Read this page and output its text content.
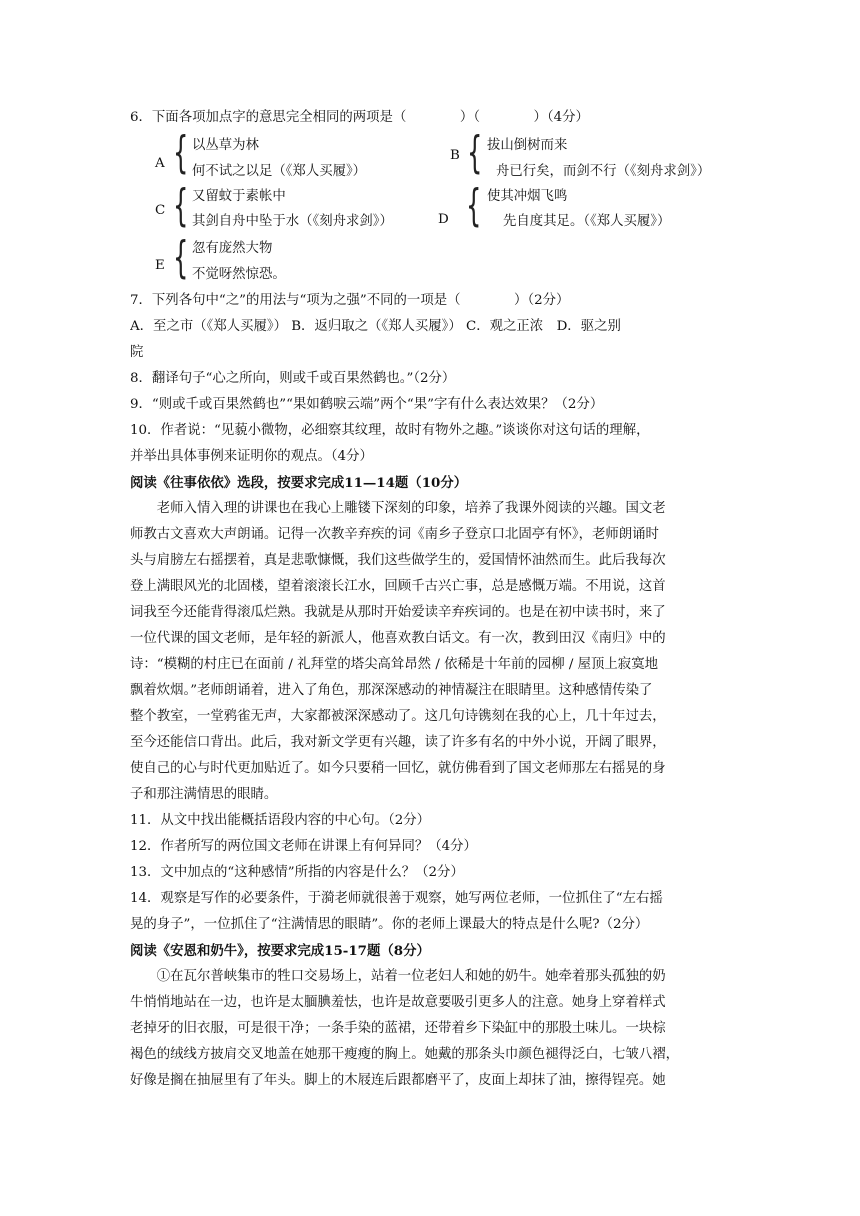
6．下面各项加点字的意思完全相同的两项是（　　　　）（　　　　）（4分）
A { 以丛草为林
何不试之以足（《郑人买履》）
B { 拔山倒树而来
舟已行矣，而剑不行（《刻舟求剑》）
C { 又留蚊于素帐中
其剑自舟中坠于水（《刻舟求剑》）	D { 使其冲烟飞鸣
先自度其足。（《郑人买履》）
E { 忽有庞然大物
不觉呀然惊恐。
7．下列各句中“之”的用法与“项为之强”不同的一项是（　　　　）（2分）
A．至之市（《郑人买履》） B．返归取之（《郑人买履》） C．观之正浓　D．驱之别
院
8．翻译句子“心之所向，则或千或百果然鹤也。”（2分）
9．“则或千或百果然鹤也”“果如鹤唳云端”两个“果”字有什么表达效果？（2分）
10．作者说：“见藐小微物，必细察其纹理，故时有物外之趣。”谈谈你对这句话的理解，
并举出具体事例来证明你的观点。（4分）
阅读《往事依依》选段，按要求完成11—14题（10分）
　　老师入情入理的讲课也在我心上雕镂下深刻的印象，培养了我课外阅读的兴趣。国文老
师教古文喜欢大声朗诵。记得一次教辛弃疾的词《南乡子登京口北固亭有怀》，老师朗诵时
头与肩膀左右摇摆着，真是悲歌慷慨，我们这些做学生的，爱国情怀油然而生。此后我每次
登上满眼风光的北固楼，望着滚滚长江水，回顾千古兴亡事，总是感慨万端。不用说，这首
词我至今还能背得滚瓜烂熟。我就是从那时开始爱读辛弃疾词的。也是在初中读书时，来了
一位代课的国文老师，是年轻的新派人，他喜欢教白话文。有一次，教到田汉《南归》中的
诗：“模糊的村庄已在面前 / 礼拜堂的塔尖高耸昂然 / 依稀是十年前的园柳 / 屋顶上寂寞地
飘着炊烟。”老师朗诵着，进入了角色，那深深感动的神情凝注在眼睛里。这种感情传染了
整个教室，一堂鸦雀无声，大家都被深深感动了。这几句诗镌刻在我的心上，几十年过去，
至今还能信口背出。此后，我对新文学更有兴趣，读了许多有名的中外小说，开阔了眼界，
使自己的心与时代更加贴近了。如今只要稍一回忆，就仿佛看到了国文老师那左右摇晃的身
子和那注满情思的眼睛。
11．从文中找出能概括语段内容的中心句。（2分）
12．作者所写的两位国文老师在讲课上有何异同？（4分）
13．文中加点的“这种感情”所指的内容是什么？（2分）
14．观察是写作的必要条件，于漪老师就很善于观察，她写两位老师，一位抓住了“左右摇
晃的身子”，一位抓住了“注满情思的眼睛”。你的老师上课最大的特点是什么呢?（2分）
阅读《安恩和奶牛》，按要求完成15-17题（8分）
　　①在瓦尔普峡集市的牲口交易场上，站着一位老妇人和她的奶牛。她牵着那头孤独的奶
牛悄悄地站在一边，也许是太腼腆羞怯，也许是故意要吸引更多人的注意。她身上穿着样式
老掉牙的旧衣服，可是很干净；一条手染的蓝裙，还带着乡下染缸中的那股土味儿。一块棕
褐色的绒线方披肩交叉地盖在她那干瘦瘦的胸上。她戴的那条头巾颜色褪得泛白，七皱八褶，
好像是搁在抽屉里有了年头。脚上的木屐连后跟都磨平了，皮面上却抹了油，擦得锃亮。她
